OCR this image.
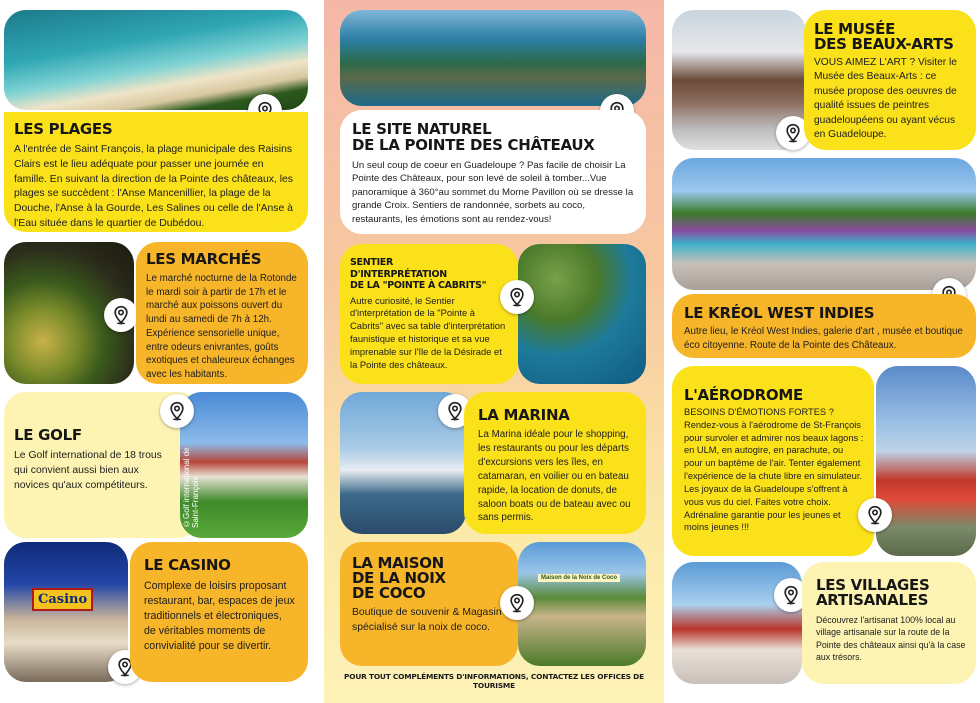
LES PLAGES
A l'entrée de Saint François, la plage municipale des Raisins Clairs est le lieu adéquate pour passer une journée en famille. En suivant la direction de la Pointe des châteaux, les plages se succèdent : l'Anse Mancenillier, la plage de la Douche, l'Anse à la Gourde, Les Salines ou celle de l'Anse à l'Eau située dans le quartier de Dubédou.
LES MARCHÉS
Le marché nocturne de la Rotonde le mardi soir à partir de 17h et le marché aux poissons ouvert du lundi au samedi de 7h à 12h. Expérience sensorielle unique, entre odeurs enivrantes, goûts exotiques et chaleureux échanges avec les habitants.
LE GOLF
Le Golf international de 18 trous qui convient aussi bien aux novices qu'aux compétiteurs.	©Golf international de Saint-François
Casino
LE CASINO
Complexe de loisirs proposant restaurant, bar, espaces de jeux traditionnels et électroniques, de véritables moments de convivialité pour se divertir.
LE SITE NATUREL
DE LA POINTE DES CHÂTEAUX
Un seul coup de coeur en Guadeloupe ? Pas facile de choisir La Pointe des Châteaux, pour son levé de soleil à tomber...Vue panoramique à 360°au sommet du Morne Pavillon où se dresse la grande Croix. Sentiers de randonnée, sorbets au coco, restaurants, les émotions sont au rendez-vous!
SENTIER
D'INTERPRÉTATION
DE LA "POINTE À CABRITS"
Autre curiosité, le Sentier d'interprétation de la "Pointe à Cabrits" avec sa table d'interprétation faunistique et historique et sa vue imprenable sur l'île de la Désirade et la Pointe des châteaux.
LA MARINA
La Marina idéale pour le shopping, les restaurants ou pour les départs d'excursions vers les îles, en catamaran, en voilier ou en bateau rapide, la location de donuts, de saloon boats ou de bateau avec ou sans permis.
LA MAISON
DE LA NOIX
DE COCO
Boutique de souvenir & Magasin spécialisé sur la noix de coco.
Maison de la Noix de Coco
POUR TOUT COMPLÉMENTS D'INFORMATIONS, CONTACTEZ LES OFFICES DE TOURISME
LE MUSÉE
DES BEAUX-ARTS
VOUS AIMEZ L'ART ? Visiter le Musée des Beaux-Arts : ce musée propose des oeuvres de qualité issues de peintres guadeloupéens ou ayant vécus en Guadeloupe.
LE KRÉOL WEST INDIES
Autre lieu, le Kréol West Indies, galerie d'art , musée et boutique éco citoyenne. Route de la Pointe des Châteaux.
L'AÉRODROME
BESOINS D'ÉMOTIONS FORTES ? Rendez-vous à l'aérodrome de St-François pour survoler et admirer nos beaux lagons : en ULM, en autogire, en parachute, ou pour un baptême de l'air. Tenter également l'expérience de la chute libre en simulateur. Les joyaux de la Guadeloupe s'offrent à vous vus du ciel. Faites votre choix. Adrénaline garantie pour les jeunes et moins jeunes !!!
LES VILLAGES
ARTISANALES
Découvrez l'artisanat 100% local au village artisanale sur la route de la Pointe des châteaux ainsi qu'à la case aux trésors.
